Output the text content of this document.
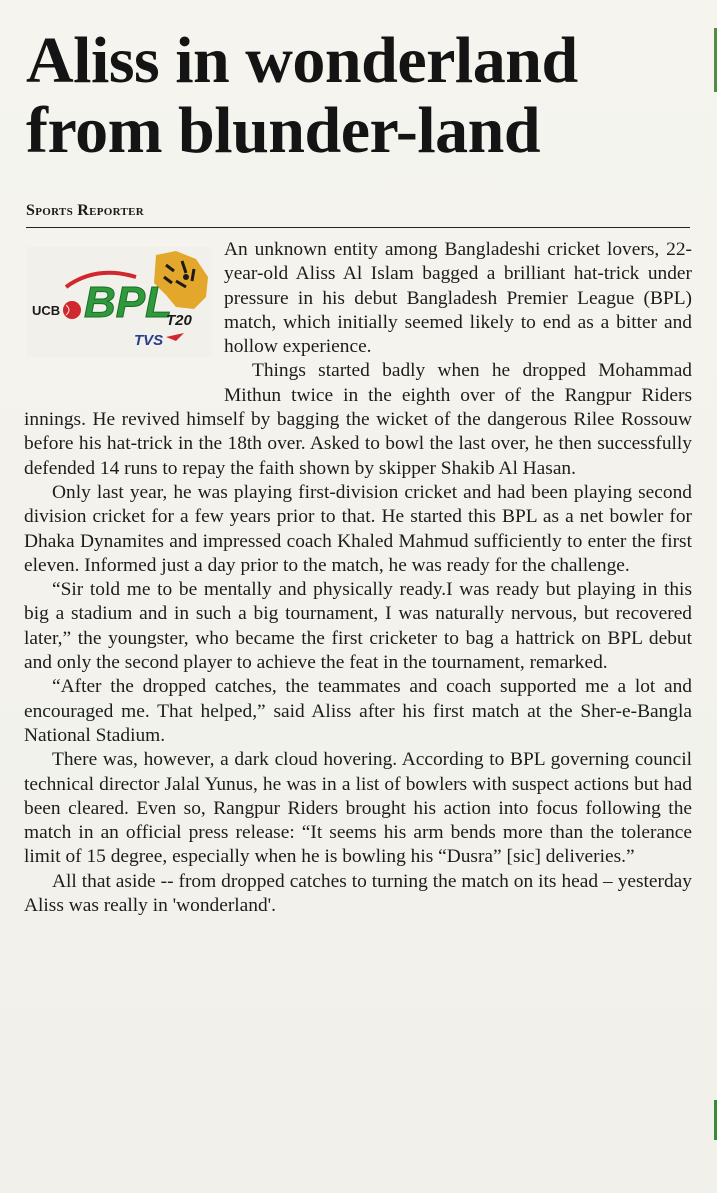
Aliss in wonderland from blunder-land
Sports Reporter
BPL
T20
UCB
TVS

An unknown entity among Bangladeshi cricket lovers, 22-year-old Aliss Al Islam bagged a brilliant hat-trick under pressure in his debut Bangladesh Premier League (BPL) match, which initially seemed likely to end as a bitter and hollow experience.

Things started badly when he dropped Mohammad Mithun twice in the eighth over of the Rangpur Riders innings. He revived himself by bagging the wicket of the dangerous Rilee Rossouw before his hat-trick in the 18th over. Asked to bowl the last over, he then successfully defended 14 runs to repay the faith shown by skipper Shakib Al Hasan.

Only last year, he was playing first-division cricket and had been playing second division cricket for a few years prior to that. He started this BPL as a net bowler for Dhaka Dynamites and impressed coach Khaled Mahmud sufficiently to enter the first eleven. Informed just a day prior to the match, he was ready for the challenge.

“Sir told me to be mentally and physically ready.I was ready but playing in this big a stadium and in such a big tournament, I was naturally nervous, but recovered later,” the youngster, who became the first cricketer to bag a hattrick on BPL debut and only the second player to achieve the feat in the tournament, remarked.

“After the dropped catches, the teammates and coach supported me a lot and encouraged me. That helped,” said Aliss after his first match at the Sher-e-Bangla National Stadium.

There was, however, a dark cloud hovering. According to BPL governing council technical director Jalal Yunus, he was in a list of bowlers with suspect actions but had been cleared. Even so, Rangpur Riders brought his action into focus following the match in an official press release: “It seems his arm bends more than the tolerance limit of 15 degree, especially when he is bowling his “Dusra” [sic] deliveries.”

All that aside -- from dropped catches to turning the match on its head – yesterday Aliss was really in 'wonderland'.
